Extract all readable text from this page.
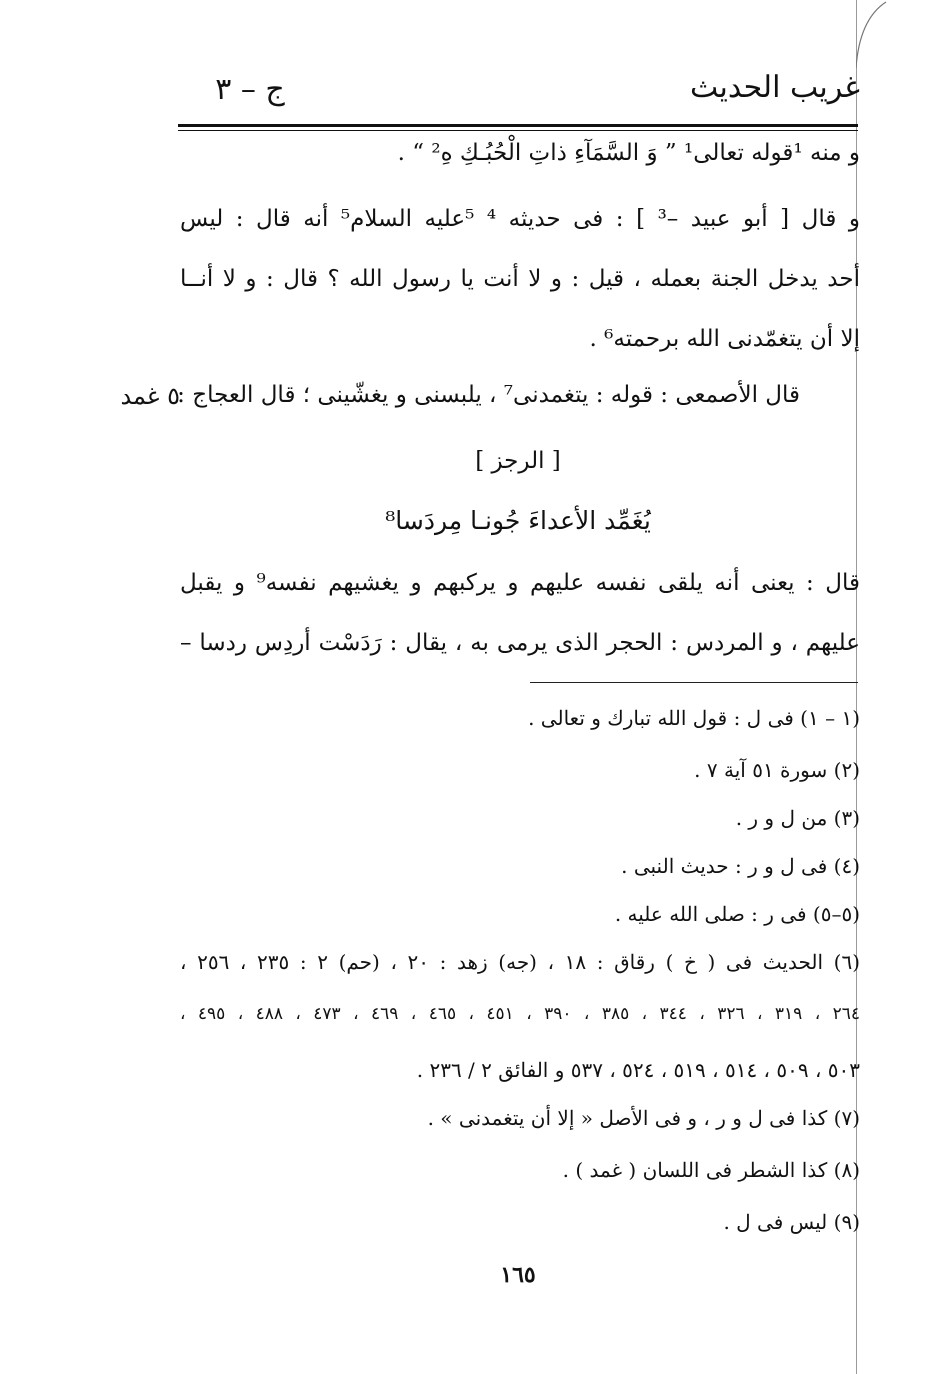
ج – ٣	غريب الحديث
و منه ¹قوله تعالى¹ ” وَ السَّمَآءِ ذاتِ الْحُبُـكِ هِ² “ .
و قال [ أبو عبيد –³ ] : فى حديثه ⁴ ⁵عليه السلام⁵ أنه قال : ليس
أحد يدخل الجنة بعمله ، قيل : و لا أنت يا رسول الله ؟ قال : و لا أنــا
إلا أن يتغمّدنى الله برحمته⁶ .
قال الأصمعى : قوله : يتغمدنى⁷ ، يلبسنى و يغشّينى ؛ قال العجاج :
٥ غمد
[ الرجز ]
يُغَمِّد الأعداءَ جُونـا مِردَسا⁸
قال : يعنى أنه يلقى نفسه عليهم و يركبهم و يغشيهم نفسه⁹ و يقبل
عليهم ، و المردس : الحجر الذى يرمى به ، يقال : رَدَسْت أردِس ردسا –
(١ – ١) فى ل : قول الله تبارك و تعالى .
(٢) سورة ٥١ آية ٧ .
(٣) من ل و ر .
(٤) فى ل و ر : حديث النبى .
(٥–٥) فى ر : صلى الله عليه .
(٦) الحديث فى ( خ ) رقاق : ١٨ ، (جه) زهد : ٢٠ ، (حم) ٢ : ٢٣٥ ، ٢٥٦ ،
٢٦٤ ، ٣١٩ ، ٣٢٦ ، ٣٤٤ ، ٣٨٥ ، ٣٩٠ ، ٤٥١ ، ٤٦٥ ، ٤٦٩ ، ٤٧٣ ، ٤٨٨ ، ٤٩٥ ،
٥٠٣ ، ٥٠٩ ، ٥١٤ ، ٥١٩ ، ٥٢٤ ، ٥٣٧ و الفائق ٢ / ٢٣٦ .
(٧) كذا فى ل و ر ، و فى الأصل « إلا أن يتغمدنى » .
(٨) كذا الشطر فى اللسان ( غمد ) .
(٩) ليس فى ل .
١٦٥
